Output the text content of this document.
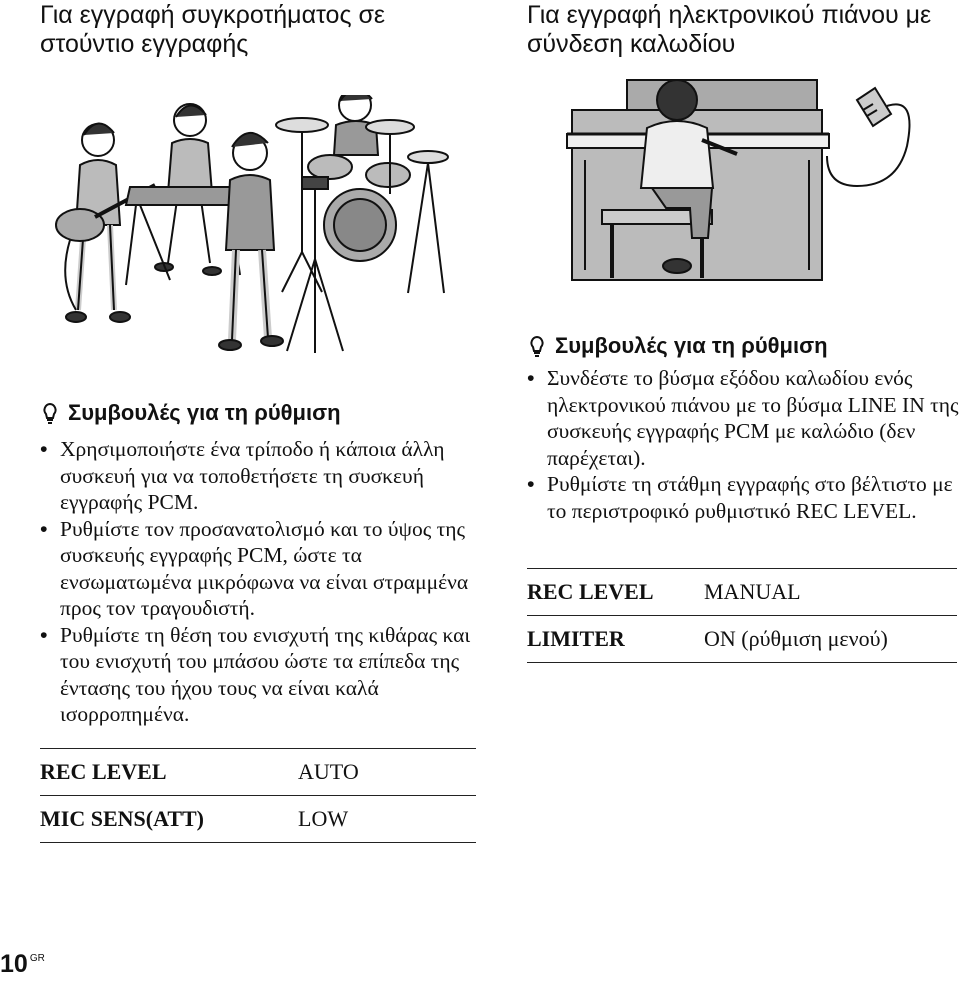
Για εγγραφή συγκροτήματος σε στούντιο εγγραφής
Συμβουλές για τη ρύθμιση
• Χρησιμοποιήστε ένα τρίποδο ή κάποια άλλη συσκευή για να τοποθετήσετε τη συσκευή εγγραφής PCM.
• Ρυθμίστε τον προσανατολισμό και το ύψος της συσκευής εγγραφής PCM, ώστε τα ενσωματωμένα μικρόφωνα να είναι στραμμένα προς τον τραγουδιστή.
• Ρυθμίστε τη θέση του ενισχυτή της κιθάρας και του ενισχυτή του μπάσου ώστε τα επίπεδα της έντασης του ήχου τους να είναι καλά ισορροπημένα.
REC LEVEL	AUTO
MIC SENS(ATT)	LOW
Για εγγραφή ηλεκτρονικού πιάνου με σύνδεση καλωδίου
Συμβουλές για τη ρύθμιση
• Συνδέστε το βύσμα εξόδου καλωδίου ενός ηλεκτρονικού πιάνου με το βύσμα LINE IN της συσκευής εγγραφής PCM με καλώδιο (δεν παρέχεται).
• Ρυθμίστε τη στάθμη εγγραφής στο βέλτιστο με το περιστροφικό ρυθμιστικό REC LEVEL.
REC LEVEL	MANUAL
LIMITER	ON (ρύθμιση μενού)
10 $^{GR}$
